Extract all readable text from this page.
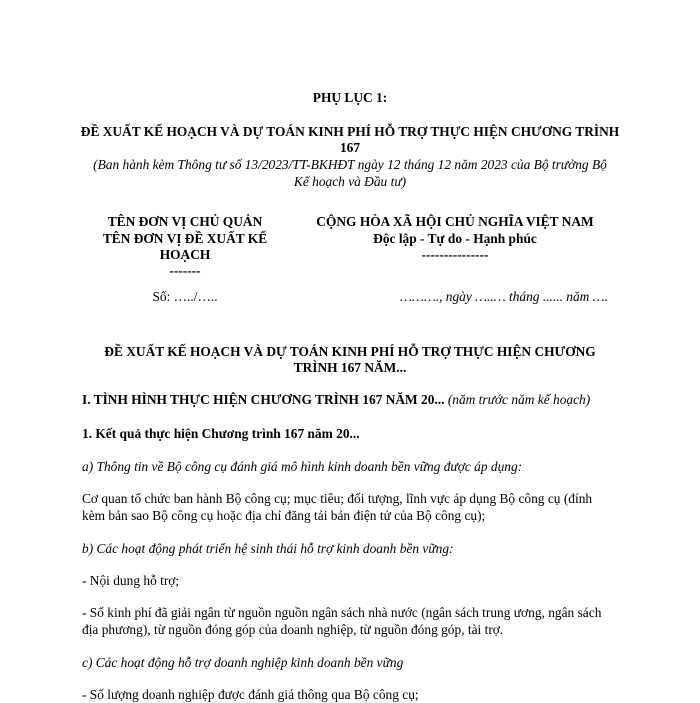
PHỤ LỤC 1:
ĐỀ XUẤT KẾ HOẠCH VÀ DỰ TOÁN KINH PHÍ HỖ TRỢ THỰC HIỆN CHƯƠNG TRÌNH
167
(Ban hành kèm Thông tư số 13/2023/TT-BKHĐT ngày 12 tháng 12 năm 2023 của Bộ trưởng Bộ
Kế hoạch và Đầu tư)
TÊN ĐƠN VỊ CHỦ QUẢN
TÊN ĐƠN VỊ ĐỀ XUẤT KẾ
HOẠCH
-------
Số: …../…..
CỘNG HÒA XÃ HỘI CHỦ NGHĨA VIỆT NAM
Độc lập - Tự do - Hạnh phúc
---------------
………., ngày …..… tháng ...... năm ….
ĐỀ XUẤT KẾ HOẠCH VÀ DỰ TOÁN KINH PHÍ HỖ TRỢ THỰC HIỆN CHƯƠNG
TRÌNH 167 NĂM...
I. TÌNH HÌNH THỰC HIỆN CHƯƠNG TRÌNH 167 NĂM 20... (năm trước năm kế hoạch)
1. Kết quả thực hiện Chương trình 167 năm 20...
a) Thông tin về Bộ công cụ đánh giá mô hình kinh doanh bền vững được áp dụng:
Cơ quan tổ chức ban hành Bộ công cụ; mục tiêu; đối tượng, lĩnh vực áp dụng Bộ công cụ (đính
kèm bản sao Bộ công cụ hoặc địa chỉ đăng tải bản điện tử của Bộ công cụ);
b) Các hoạt động phát triển hệ sinh thái hỗ trợ kinh doanh bền vững:
- Nội dung hỗ trợ;
- Số kinh phí đã giải ngân từ nguồn nguồn ngân sách nhà nước (ngân sách trung ương, ngân sách
địa phương), từ nguồn đóng góp của doanh nghiệp, từ nguồn đóng góp, tài trợ.
c) Các hoạt động hỗ trợ doanh nghiệp kinh doanh bền vững
- Số lượng doanh nghiệp được đánh giá thông qua Bộ công cụ;
